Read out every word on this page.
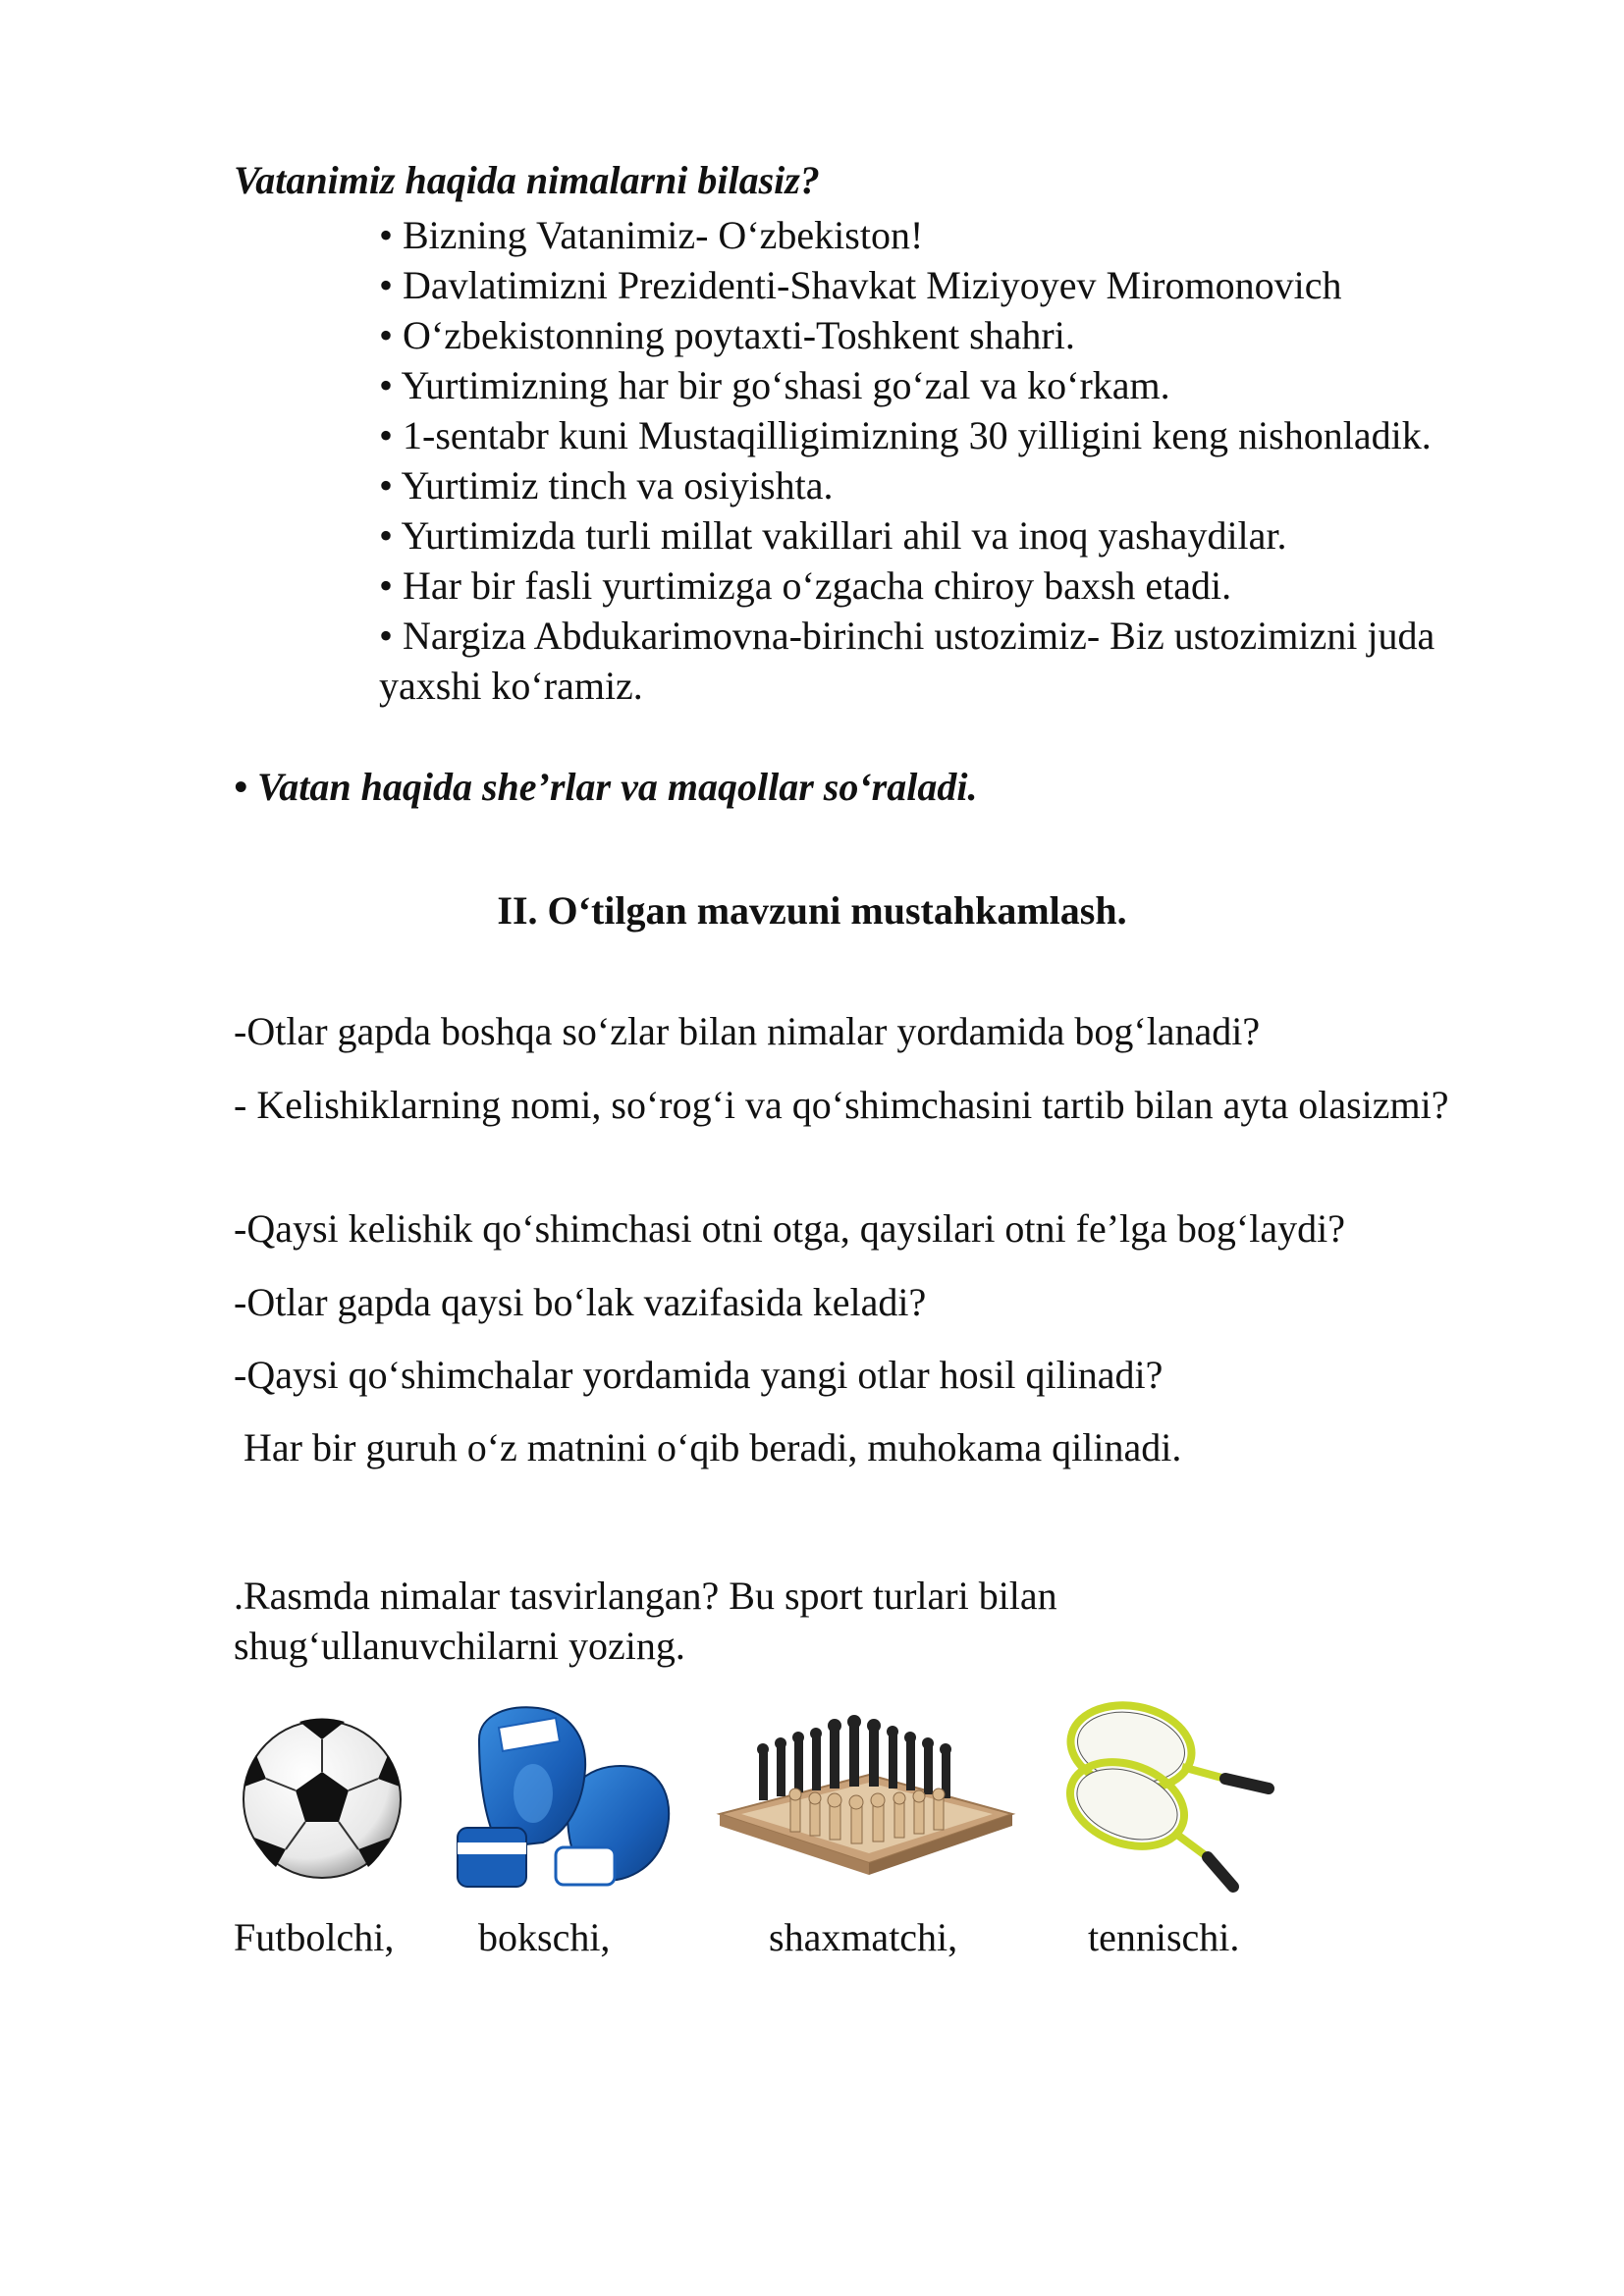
Vatanimiz haqida nimalarni bilasiz?
• Bizning Vatanimiz- O‘zbekiston!
• Davlatimizni Prezidenti-Shavkat Miziyoyev Miromonovich
• O‘zbekistonning poytaxti-Toshkent shahri.
• Yurtimizning har bir go‘shasi go‘zal va ko‘rkam.
• 1-sentabr kuni Mustaqilligimizning 30 yilligini keng nishonladik.
• Yurtimiz tinch va osiyishta.
• Yurtimizda turli millat vakillari ahil va inoq yashaydilar.
• Har bir fasli yurtimizga o‘zgacha chiroy baxsh etadi.
• Nargiza Abdukarimovna-birinchi ustozimiz- Biz ustozimizni juda yaxshi ko‘ramiz.
• Vatan haqida she’rlar va maqollar so‘raladi.
II. O‘tilgan mavzuni mustahkamlash.
-Otlar gapda boshqa so‘zlar bilan nimalar yordamida bog‘lanadi?
- Kelishiklarning nomi, so‘rog‘i va qo‘shimchasini tartib bilan ayta olasizmi?
-Qaysi kelishik qo‘shimchasi otni otga, qaysilari otni fe’lga bog‘laydi?
-Otlar gapda qaysi bo‘lak vazifasida keladi?
-Qaysi qo‘shimchalar yordamida yangi otlar hosil qilinadi?
Har bir guruh o‘z matnini o‘qib beradi, muhokama qilinadi.
.Rasmda nimalar tasvirlangan? Bu sport turlari bilan shug‘ullanuvchilarni yozing.
Futbolchi, bokschi,	shaxmatchi,	tennischi.
